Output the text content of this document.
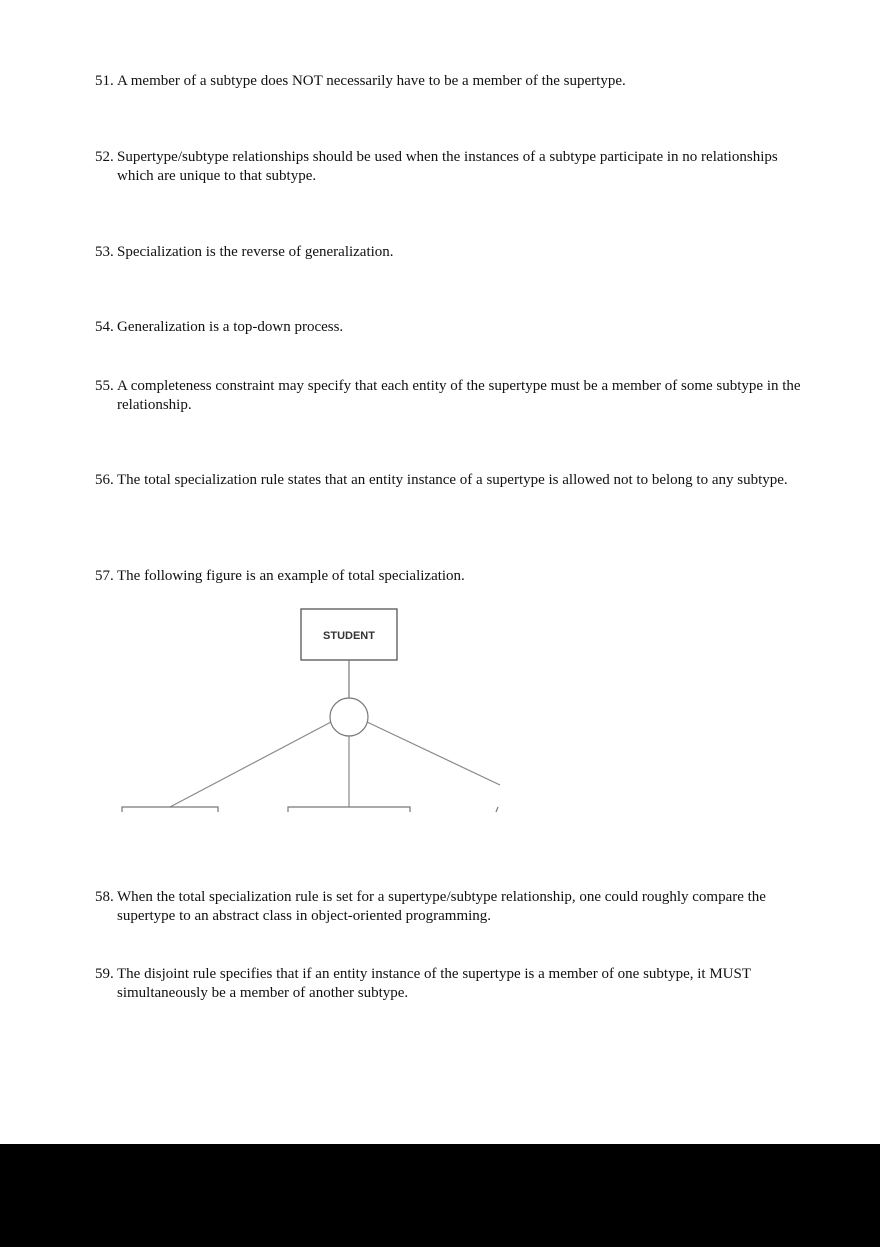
51. A member of a subtype does NOT necessarily have to be a member of the supertype.
52. Supertype/subtype relationships should be used when the instances of a subtype participate in no relationships which are unique to that subtype.
53. Specialization is the reverse of generalization.
54. Generalization is a top-down process.
55. A completeness constraint may specify that each entity of the supertype must be a member of some subtype in the relationship.
56. The total specialization rule states that an entity instance of a supertype is allowed not to belong to any subtype.
57. The following figure is an example of total specialization.
STUDENT
58. When the total specialization rule is set for a supertype/subtype relationship, one could roughly compare the supertype to an abstract class in object-oriented programming.
59. The disjoint rule specifies that if an entity instance of the supertype is a member of one subtype, it MUST simultaneously be a member of another subtype.
